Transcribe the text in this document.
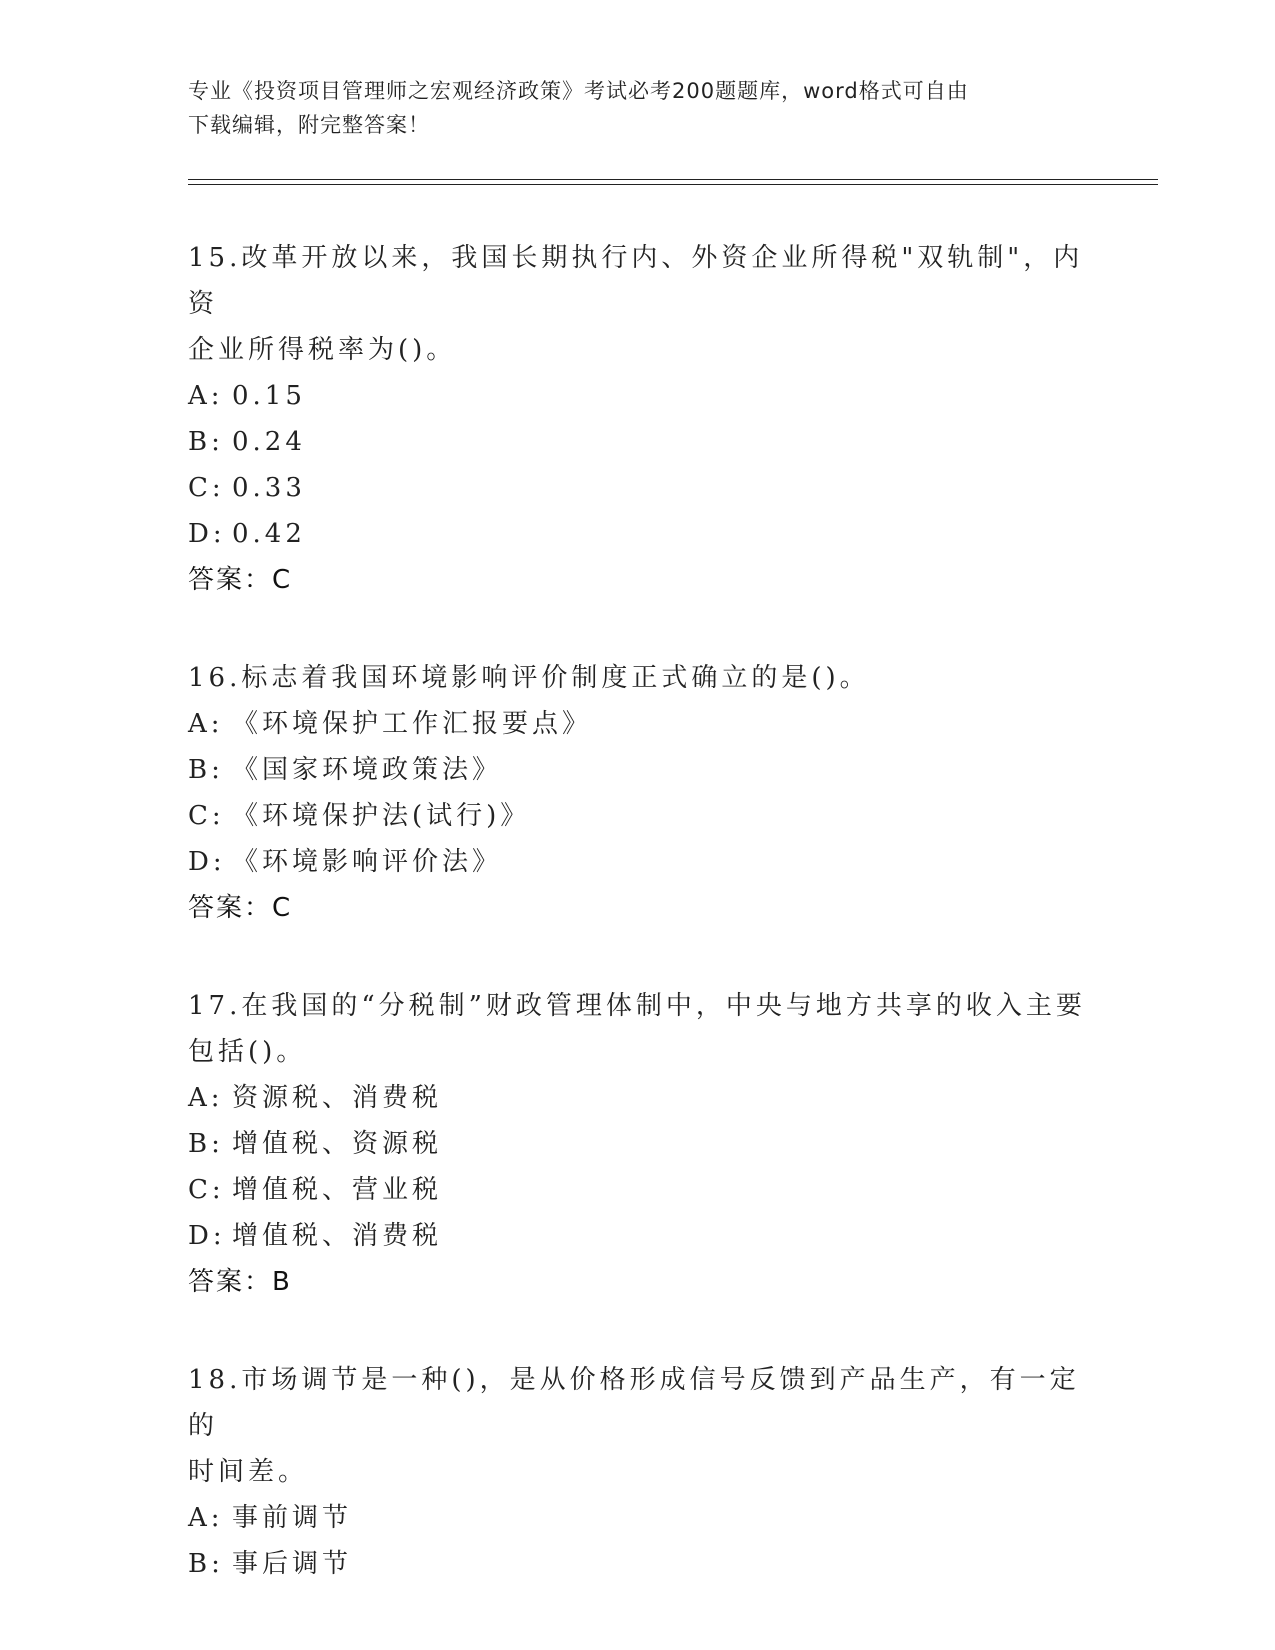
专业《投资项目管理师之宏观经济政策》考试必考200题题库，word格式可自由
下载编辑，附完整答案！
15.改革开放以来，我国长期执行内、外资企业所得税"双轨制"，内资
企业所得税率为()。
A: 0.15
B: 0.24
C: 0.33
D: 0.42
答案：C
16.标志着我国环境影响评价制度正式确立的是()。
A: 《环境保护工作汇报要点》
B: 《国家环境政策法》
C: 《环境保护法(试行)》
D: 《环境影响评价法》
答案：C
17.在我国的“分税制”财政管理体制中，中央与地方共享的收入主要
包括()。
A: 资源税、消费税
B: 增值税、资源税
C: 增值税、营业税
D: 增值税、消费税
答案：B
18.市场调节是一种()，是从价格形成信号反馈到产品生产，有一定的
时间差。
A: 事前调节
B: 事后调节
